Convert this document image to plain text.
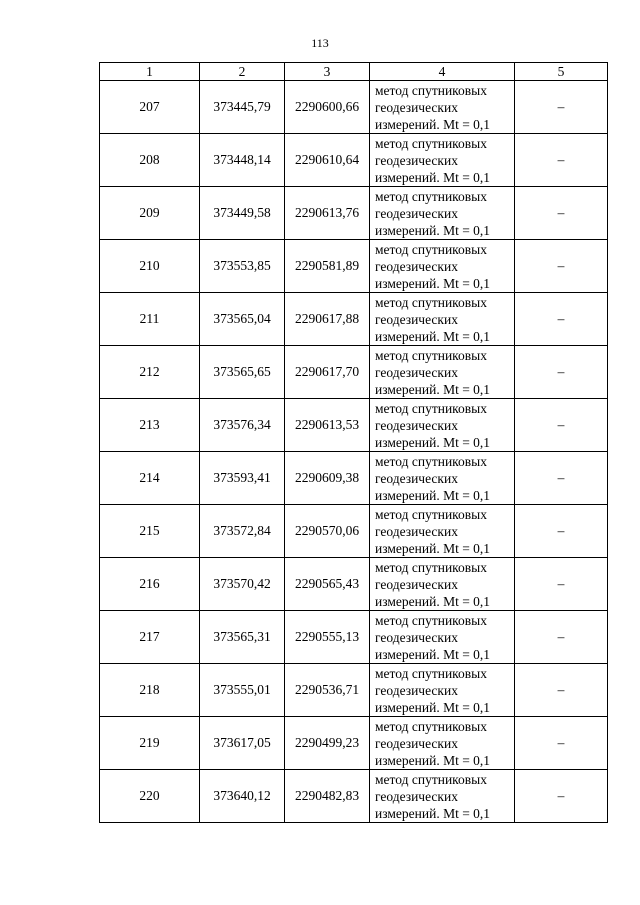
113
1	2	3	4	5
207	373445,79	2290600,66	метод спутниковых
геодезических
измерений. Mt = 0,1	–
208	373448,14	2290610,64	метод спутниковых
геодезических
измерений. Mt = 0,1	–
209	373449,58	2290613,76	метод спутниковых
геодезических
измерений. Mt = 0,1	–
210	373553,85	2290581,89	метод спутниковых
геодезических
измерений. Mt = 0,1	–
211	373565,04	2290617,88	метод спутниковых
геодезических
измерений. Mt = 0,1	–
212	373565,65	2290617,70	метод спутниковых
геодезических
измерений. Mt = 0,1	–
213	373576,34	2290613,53	метод спутниковых
геодезических
измерений. Mt = 0,1	–
214	373593,41	2290609,38	метод спутниковых
геодезических
измерений. Mt = 0,1	–
215	373572,84	2290570,06	метод спутниковых
геодезических
измерений. Mt = 0,1	–
216	373570,42	2290565,43	метод спутниковых
геодезических
измерений. Mt = 0,1	–
217	373565,31	2290555,13	метод спутниковых
геодезических
измерений. Mt = 0,1	–
218	373555,01	2290536,71	метод спутниковых
геодезических
измерений. Mt = 0,1	–
219	373617,05	2290499,23	метод спутниковых
геодезических
измерений. Mt = 0,1	–
220	373640,12	2290482,83	метод спутниковых
геодезических
измерений. Mt = 0,1	–
